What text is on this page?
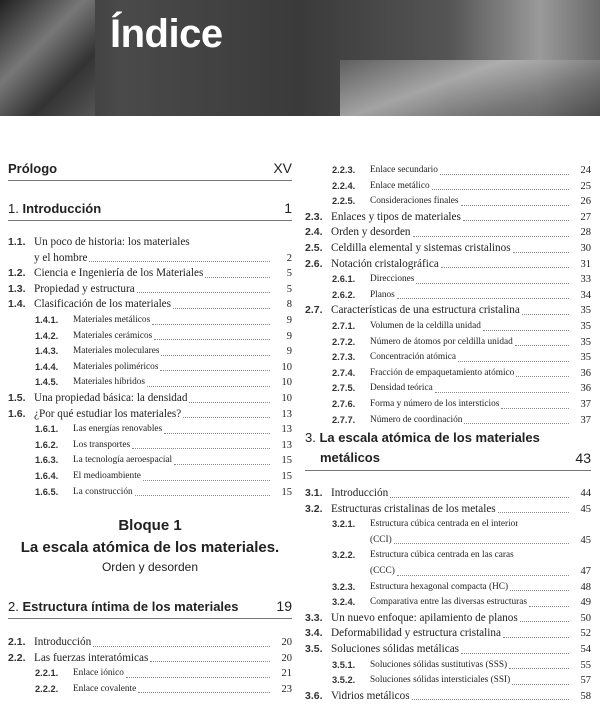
Índice
Prólogo	XV
1. Introducción	1
1.1. Un poco de historia: los materiales
y el hombre	2
1.2. Ciencia e Ingeniería de los Materiales	5
1.3. Propiedad y estructura	5
1.4. Clasificación de los materiales	8
1.4.1.	Materiales metálicos	9
1.4.2.	Materiales cerámicos	9
1.4.3.	Materiales moleculares	9
1.4.4.	Materiales poliméricos	10
1.4.5.	Materiales híbridos	10
1.5. Una propiedad básica: la densidad	10
1.6. ¿Por qué estudiar los materiales?	13
1.6.1.	Las energías renovables	13
1.6.2.	Los transportes	13
1.6.3.	La tecnología aeroespacial	15
1.6.4.	El medioambiente	15
1.6.5.	La construcción	15
Bloque 1
La escala atómica de los materiales.
Orden y desorden
2. Estructura íntima de los materiales	19
2.1. Introducción	20
2.2. Las fuerzas interatómicas	20
2.2.1.	Enlace iónico	21
2.2.2.	Enlace covalente	23
2.2.3.	Enlace secundario	24
2.2.4.	Enlace metálico	25
2.2.5.	Consideraciones finales	26
2.3. Enlaces y tipos de materiales	27
2.4. Orden y desorden	28
2.5. Celdilla elemental y sistemas cristalinos	30
2.6. Notación cristalográfica	31
2.6.1.	Direcciones	33
2.6.2.	Planos	34
2.7. Características de una estructura cristalina	35
2.7.1.	Volumen de la celdilla unidad	35
2.7.2.	Número de átomos por celdilla unidad	35
2.7.3.	Concentración atómica	35
2.7.4.	Fracción de empaquetamiento atómico	36
2.7.5.	Densidad teórica	36
2.7.6.	Forma y número de los intersticios	37
2.7.7.	Número de coordinación	37
3. La escala atómica de los materiales
metálicos	43
3.1. Introducción	44
3.2. Estructuras cristalinas de los metales	45
3.2.1.	Estructura cúbica centrada en el interior
(CCI)	45
3.2.2.	Estructura cúbica centrada en las caras
(CCC)	47
3.2.3.	Estructura hexagonal compacta (HC)	48
3.2.4.	Comparativa entre las diversas estructuras	49
3.3. Un nuevo enfoque: apilamiento de planos	50
3.4. Deformabilidad y estructura cristalina	52
3.5. Soluciones sólidas metálicas	54
3.5.1.	Soluciones sólidas sustitutivas (SSS)	55
3.5.2.	Soluciones sólidas intersticiales (SSI)	57
3.6. Vidrios metálicos	58
